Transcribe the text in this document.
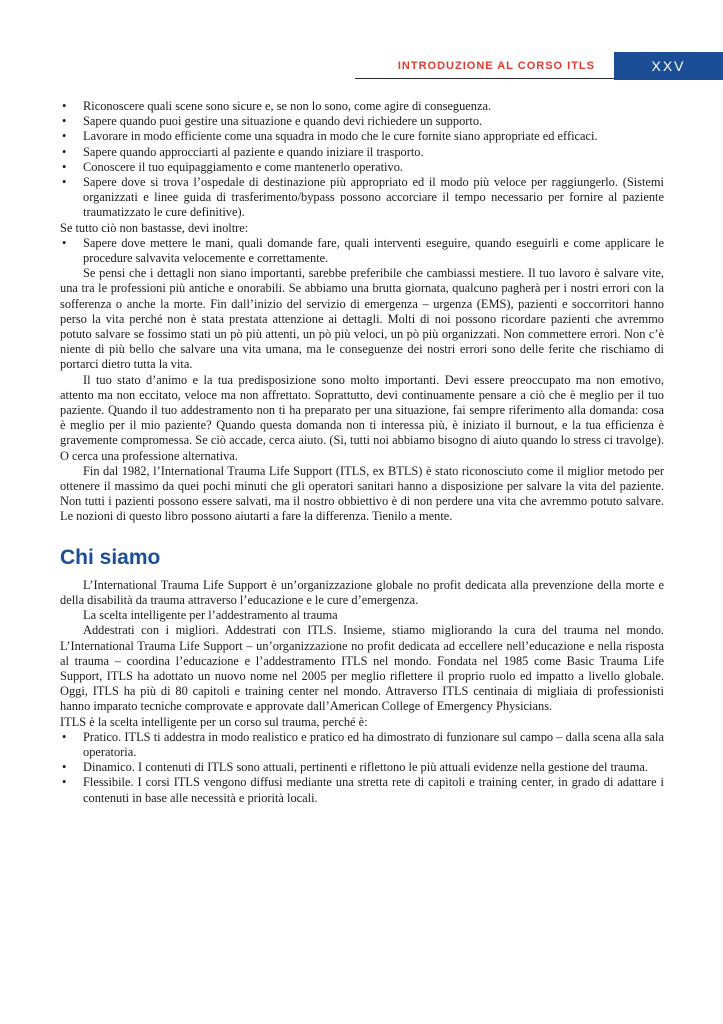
INTRODUZIONE AL CORSO ITLS	XXV
• Riconoscere quali scene sono sicure e, se non lo sono, come agire di conseguenza.
• Sapere quando puoi gestire una situazione e quando devi richiedere un supporto.
• Lavorare in modo efficiente come una squadra in modo che le cure fornite siano appropriate ed efficaci.
• Sapere quando approcciarti al paziente e quando iniziare il trasporto.
• Conoscere il tuo equipaggiamento e come mantenerlo operativo.
• Sapere dove si trova l’ospedale di destinazione più appropriato ed il modo più veloce per raggiungerlo. (Sistemi organizzati e linee guida di trasferimento/bypass possono accorciare il tempo necessario per fornire al paziente traumatizzato le cure definitive).

Se tutto ciò non bastasse, devi inoltre:

• Sapere dove mettere le mani, quali domande fare, quali interventi eseguire, quando eseguirli e come applicare le procedure salvavita velocemente e correttamente.

Se pensi che i dettagli non siano importanti, sarebbe preferibile che cambiassi mestiere. Il tuo lavoro è salvare vite, una tra le professioni più antiche e onorabili. Se abbiamo una brutta giornata, qualcuno pagherà per i nostri errori con la sofferenza o anche la morte. Fin dall’inizio del servizio di emergenza – urgenza (EMS), pazienti e soccorritori hanno perso la vita perché non è stata prestata attenzione ai dettagli. Molti di noi possono ricordare pazienti che avremmo potuto salvare se fossimo stati un pò più attenti, un pò più veloci, un pò più organizzati. Non commettere errori. Non c’è niente di più bello che salvare una vita umana, ma le conseguenze dei nostri errori sono delle ferite che rischiamo di portarci dietro tutta la vita.

Il tuo stato d’animo e la tua predisposizione sono molto importanti. Devi essere preoccupato ma non emotivo, attento ma non eccitato, veloce ma non affrettato. Soprattutto, devi continuamente pensare a ciò che è meglio per il tuo paziente. Quando il tuo addestramento non ti ha preparato per una situazione, fai sempre riferimento alla domanda: cosa è meglio per il mio paziente? Quando questa domanda non ti interessa più, è iniziato il burnout, e la tua efficienza è gravemente compromessa. Se ciò accade, cerca aiuto. (Sì, tutti noi abbiamo bisogno di aiuto quando lo stress ci travolge). O cerca una professione alternativa.

Fin dal 1982, l’International Trauma Life Support (ITLS, ex BTLS) è stato riconosciuto come il miglior metodo per ottenere il massimo da quei pochi minuti che gli operatori sanitari hanno a disposizione per salvare la vita del paziente. Non tutti i pazienti possono essere salvati, ma il nostro obbiettivo è di non perdere una vita che avremmo potuto salvare. Le nozioni di questo libro possono aiutarti a fare la differenza. Tienilo a mente.

Chi siamo

L’International Trauma Life Support è un’organizzazione globale no profit dedicata alla prevenzione della morte e della disabilità da trauma attraverso l’educazione e le cure d’emergenza.

La scelta intelligente per l’addestramento al trauma

Addestrati con i migliori. Addestrati con ITLS. Insieme, stiamo migliorando la cura del trauma nel mondo. L’International Trauma Life Support – un’organizzazione no profit dedicata ad eccellere nell’educazione e nella risposta al trauma – coordina l’educazione e l’addestramento ITLS nel mondo. Fondata nel 1985 come Basic Trauma Life Support, ITLS ha adottato un nuovo nome nel 2005 per meglio riflettere il proprio ruolo ed impatto a livello globale. Oggi, ITLS ha più di 80 capitoli e training center nel mondo. Attraverso ITLS centinaia di migliaia di professionisti hanno imparato tecniche comprovate e approvate dall’American College of Emergency Physicians.

ITLS è la scelta intelligente per un corso sul trauma, perché è:

• Pratico. ITLS ti addestra in modo realistico e pratico ed ha dimostrato di funzionare sul campo – dalla scena alla sala operatoria.
• Dinamico. I contenuti di ITLS sono attuali, pertinenti e riflettono le più attuali evidenze nella gestione del trauma.
• Flessibile. I corsi ITLS vengono diffusi mediante una stretta rete di capitoli e training center, in grado di adattare i contenuti in base alle necessità e priorità locali.
